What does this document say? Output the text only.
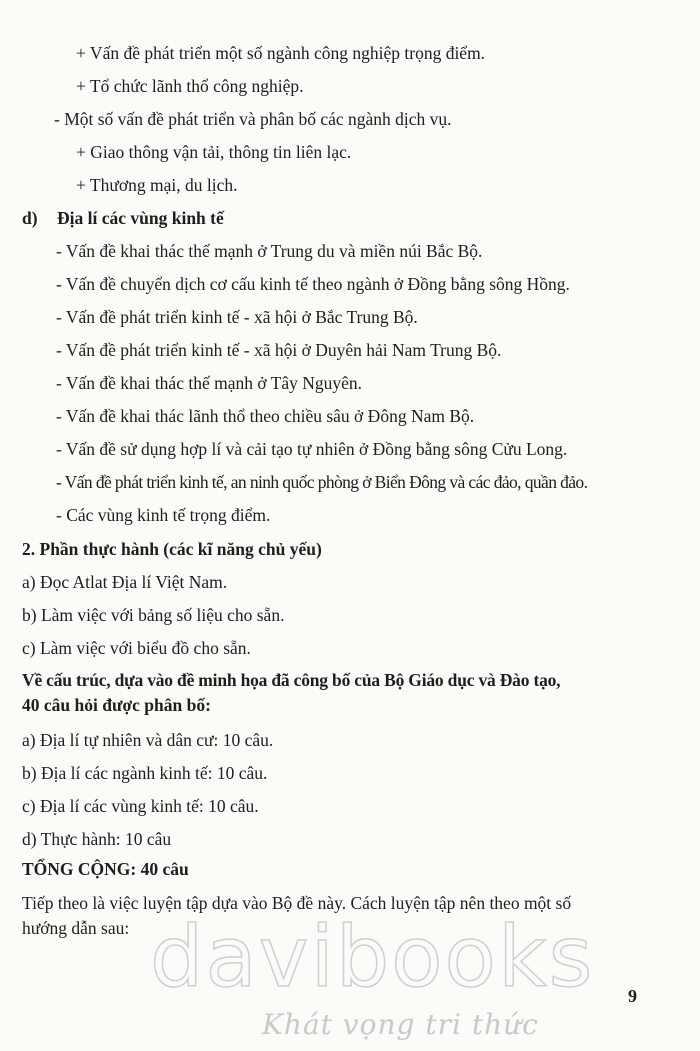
+ Vấn đề phát triển một số ngành công nghiệp trọng điểm.
+ Tổ chức lãnh thổ công nghiệp.
- Một số vấn đề phát triển và phân bố các ngành dịch vụ.
+ Giao thông vận tải, thông tin liên lạc.
+ Thương mại, du lịch.
d) Địa lí các vùng kinh tế
- Vấn đề khai thác thế mạnh ở Trung du và miền núi Bắc Bộ.
- Vấn đề chuyển dịch cơ cấu kinh tế theo ngành ở Đồng bằng sông Hồng.
- Vấn đề phát triển kinh tế - xã hội ở Bắc Trung Bộ.
- Vấn đề phát triển kinh tế - xã hội ở Duyên hải Nam Trung Bộ.
- Vấn đề khai thác thế mạnh ở Tây Nguyên.
- Vấn đề khai thác lãnh thổ theo chiều sâu ở Đông Nam Bộ.
- Vấn đề sử dụng hợp lí và cải tạo tự nhiên ở Đồng bằng sông Cửu Long.
- Vấn đề phát triển kinh tế, an ninh quốc phòng ở Biển Đông và các đảo, quần đảo.
- Các vùng kinh tế trọng điểm.
2. Phần thực hành (các kĩ năng chủ yếu)
a) Đọc Atlat Địa lí Việt Nam.
b) Làm việc với bảng số liệu cho sẵn.
c) Làm việc với biểu đồ cho sẵn.
Về cấu trúc, dựa vào đề minh họa đã công bố của Bộ Giáo dục và Đào tạo,
40 câu hỏi được phân bố:
a) Địa lí tự nhiên và dân cư: 10 câu.
b) Địa lí các ngành kinh tế: 10 câu.
c) Địa lí các vùng kinh tế: 10 câu.
d) Thực hành: 10 câu
TỔNG CỘNG: 40 câu
Tiếp theo là việc luyện tập dựa vào Bộ đề này. Cách luyện tập nên theo một số
hướng dẫn sau: davibooks
Khát vọng tri thức
9
